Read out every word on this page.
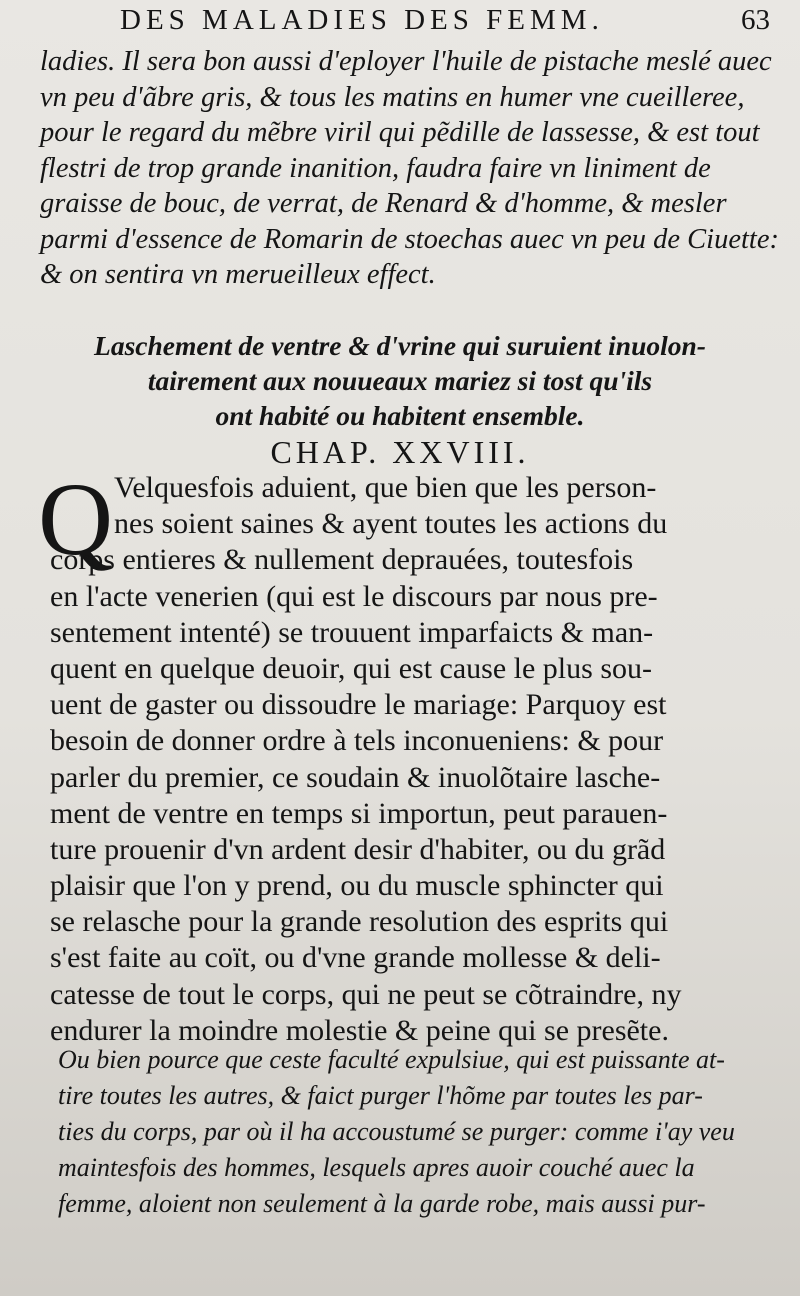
DES MALADIES DES FEMM.	63
ladies. Il sera bon aussi d'eployer l'huile de pistache meslé auec
vn peu d'ãbre gris, & tous les matins en humer vne cueilleree,
pour le regard du mẽbre viril qui pẽdille de lassesse, & est tout
flestri de trop grande inanition, faudra faire vn liniment de
graisse de bouc, de verrat, de Renard & d'homme, & mesler
parmi d'essence de Romarin de stoechas auec vn peu de Ciuette:
& on sentira vn merueilleux effect.
Laschement de ventre & d'vrine qui suruient inuolon-
tairement aux nouueaux mariez si tost qu'ils
ont habité ou habitent ensemble.
CHAP. XXVIII.
Q Velquesfois aduient, que bien que les person-
nes soient saines & ayent toutes les actions du
corps entieres & nullement deprauées, toutesfois
en l'acte venerien (qui est le discours par nous pre-
sentement intenté) se trouuent imparfaicts & man-
quent en quelque deuoir, qui est cause le plus sou-
uent de gaster ou dissoudre le mariage: Parquoy est
besoin de donner ordre à tels inconueniens: & pour
parler du premier, ce soudain & inuolõtaire lasche-
ment de ventre en temps si importun, peut parauen-
ture prouenir d'vn ardent desir d'habiter, ou du grãd
plaisir que l'on y prend, ou du muscle sphincter qui
se relasche pour la grande resolution des esprits qui
s'est faite au coït, ou d'vne grande mollesse & deli-
catesse de tout le corps, qui ne peut se cõtraindre, ny
endurer la moindre molestie & peine qui se presẽte.
Ou bien pource que ceste faculté expulsiue, qui est puissante at-
tire toutes les autres, & faict purger l'hõme par toutes les par-
ties du corps, par où il ha accoustumé se purger: comme i'ay veu
maintesfois des hommes, lesquels apres auoir couché auec la
femme, aloient non seulement à la garde robe, mais aussi pur-
